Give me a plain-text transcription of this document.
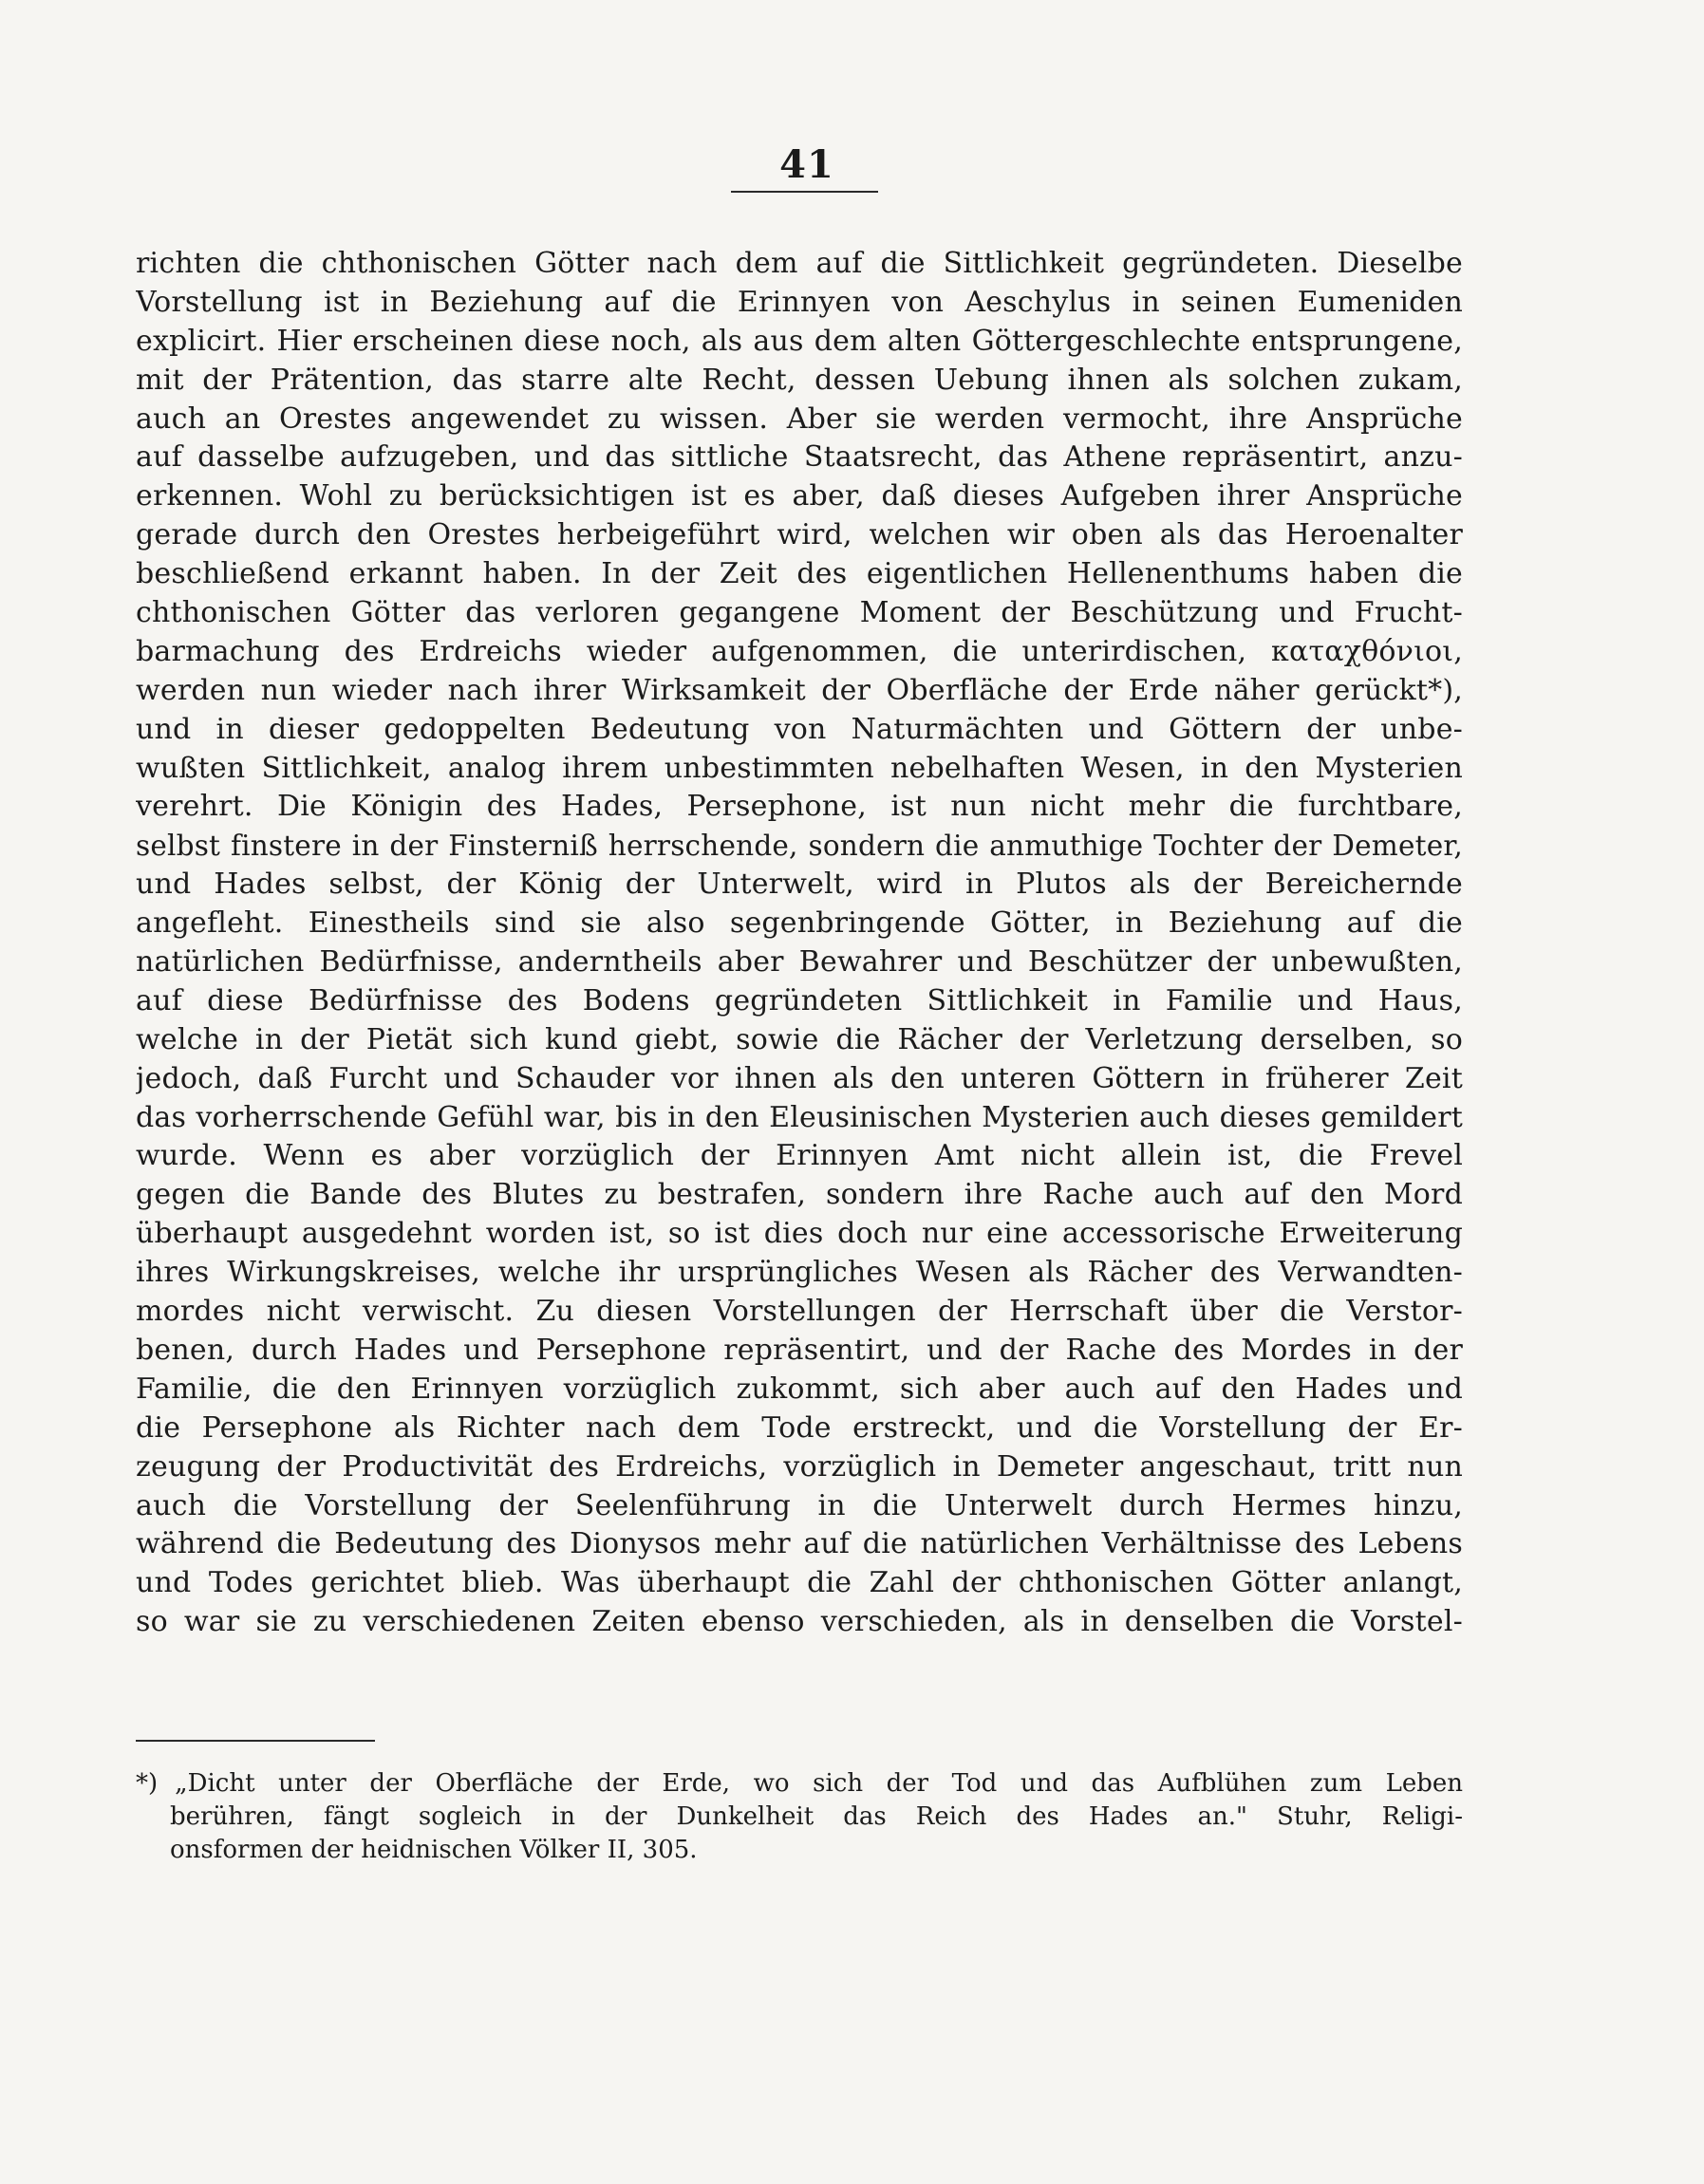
41
richten die chthonischen Götter nach dem auf die Sittlichkeit gegründeten. Dieselbe
Vorstellung ist in Beziehung auf die Erinnyen von Aeschylus in seinen Eumeniden
explicirt. Hier erscheinen diese noch, als aus dem alten Göttergeschlechte entsprungene,
mit der Prätention, das starre alte Recht, dessen Uebung ihnen als solchen zukam,
auch an Orestes angewendet zu wissen. Aber sie werden vermocht, ihre Ansprüche
auf dasselbe aufzugeben, und das sittliche Staatsrecht, das Athene repräsentirt, anzu-
erkennen. Wohl zu berücksichtigen ist es aber, daß dieses Aufgeben ihrer Ansprüche
gerade durch den Orestes herbeigeführt wird, welchen wir oben als das Heroenalter
beschließend erkannt haben. In der Zeit des eigentlichen Hellenenthums haben die
chthonischen Götter das verloren gegangene Moment der Beschützung und Frucht-
barmachung des Erdreichs wieder aufgenommen, die unterirdischen, καταχθόνιοι,
werden nun wieder nach ihrer Wirksamkeit der Oberfläche der Erde näher gerückt*),
und in dieser gedoppelten Bedeutung von Naturmächten und Göttern der unbe-
wußten Sittlichkeit, analog ihrem unbestimmten nebelhaften Wesen, in den Mysterien
verehrt. Die Königin des Hades, Persephone, ist nun nicht mehr die furchtbare,
selbst finstere in der Finsterniß herrschende, sondern die anmuthige Tochter der Demeter,
und Hades selbst, der König der Unterwelt, wird in Plutos als der Bereichernde
angefleht. Einestheils sind sie also segenbringende Götter, in Beziehung auf die
natürlichen Bedürfnisse, anderntheils aber Bewahrer und Beschützer der unbewußten,
auf diese Bedürfnisse des Bodens gegründeten Sittlichkeit in Familie und Haus,
welche in der Pietät sich kund giebt, sowie die Rächer der Verletzung derselben, so
jedoch, daß Furcht und Schauder vor ihnen als den unteren Göttern in früherer Zeit
das vorherrschende Gefühl war, bis in den Eleusinischen Mysterien auch dieses gemildert
wurde. Wenn es aber vorzüglich der Erinnyen Amt nicht allein ist, die Frevel
gegen die Bande des Blutes zu bestrafen, sondern ihre Rache auch auf den Mord
überhaupt ausgedehnt worden ist, so ist dies doch nur eine accessorische Erweiterung
ihres Wirkungskreises, welche ihr ursprüngliches Wesen als Rächer des Verwandten-
mordes nicht verwischt. Zu diesen Vorstellungen der Herrschaft über die Verstor-
benen, durch Hades und Persephone repräsentirt, und der Rache des Mordes in der
Familie, die den Erinnyen vorzüglich zukommt, sich aber auch auf den Hades und
die Persephone als Richter nach dem Tode erstreckt, und die Vorstellung der Er-
zeugung der Productivität des Erdreichs, vorzüglich in Demeter angeschaut, tritt nun
auch die Vorstellung der Seelenführung in die Unterwelt durch Hermes hinzu,
während die Bedeutung des Dionysos mehr auf die natürlichen Verhältnisse des Lebens
und Todes gerichtet blieb. Was überhaupt die Zahl der chthonischen Götter anlangt,
so war sie zu verschiedenen Zeiten ebenso verschieden, als in denselben die Vorstel-
*) „Dicht unter der Oberfläche der Erde, wo sich der Tod und das Aufblühen zum Leben
berühren, fängt sogleich in der Dunkelheit das Reich des Hades an." Stuhr, Religi-
onsformen der heidnischen Völker II, 305.
